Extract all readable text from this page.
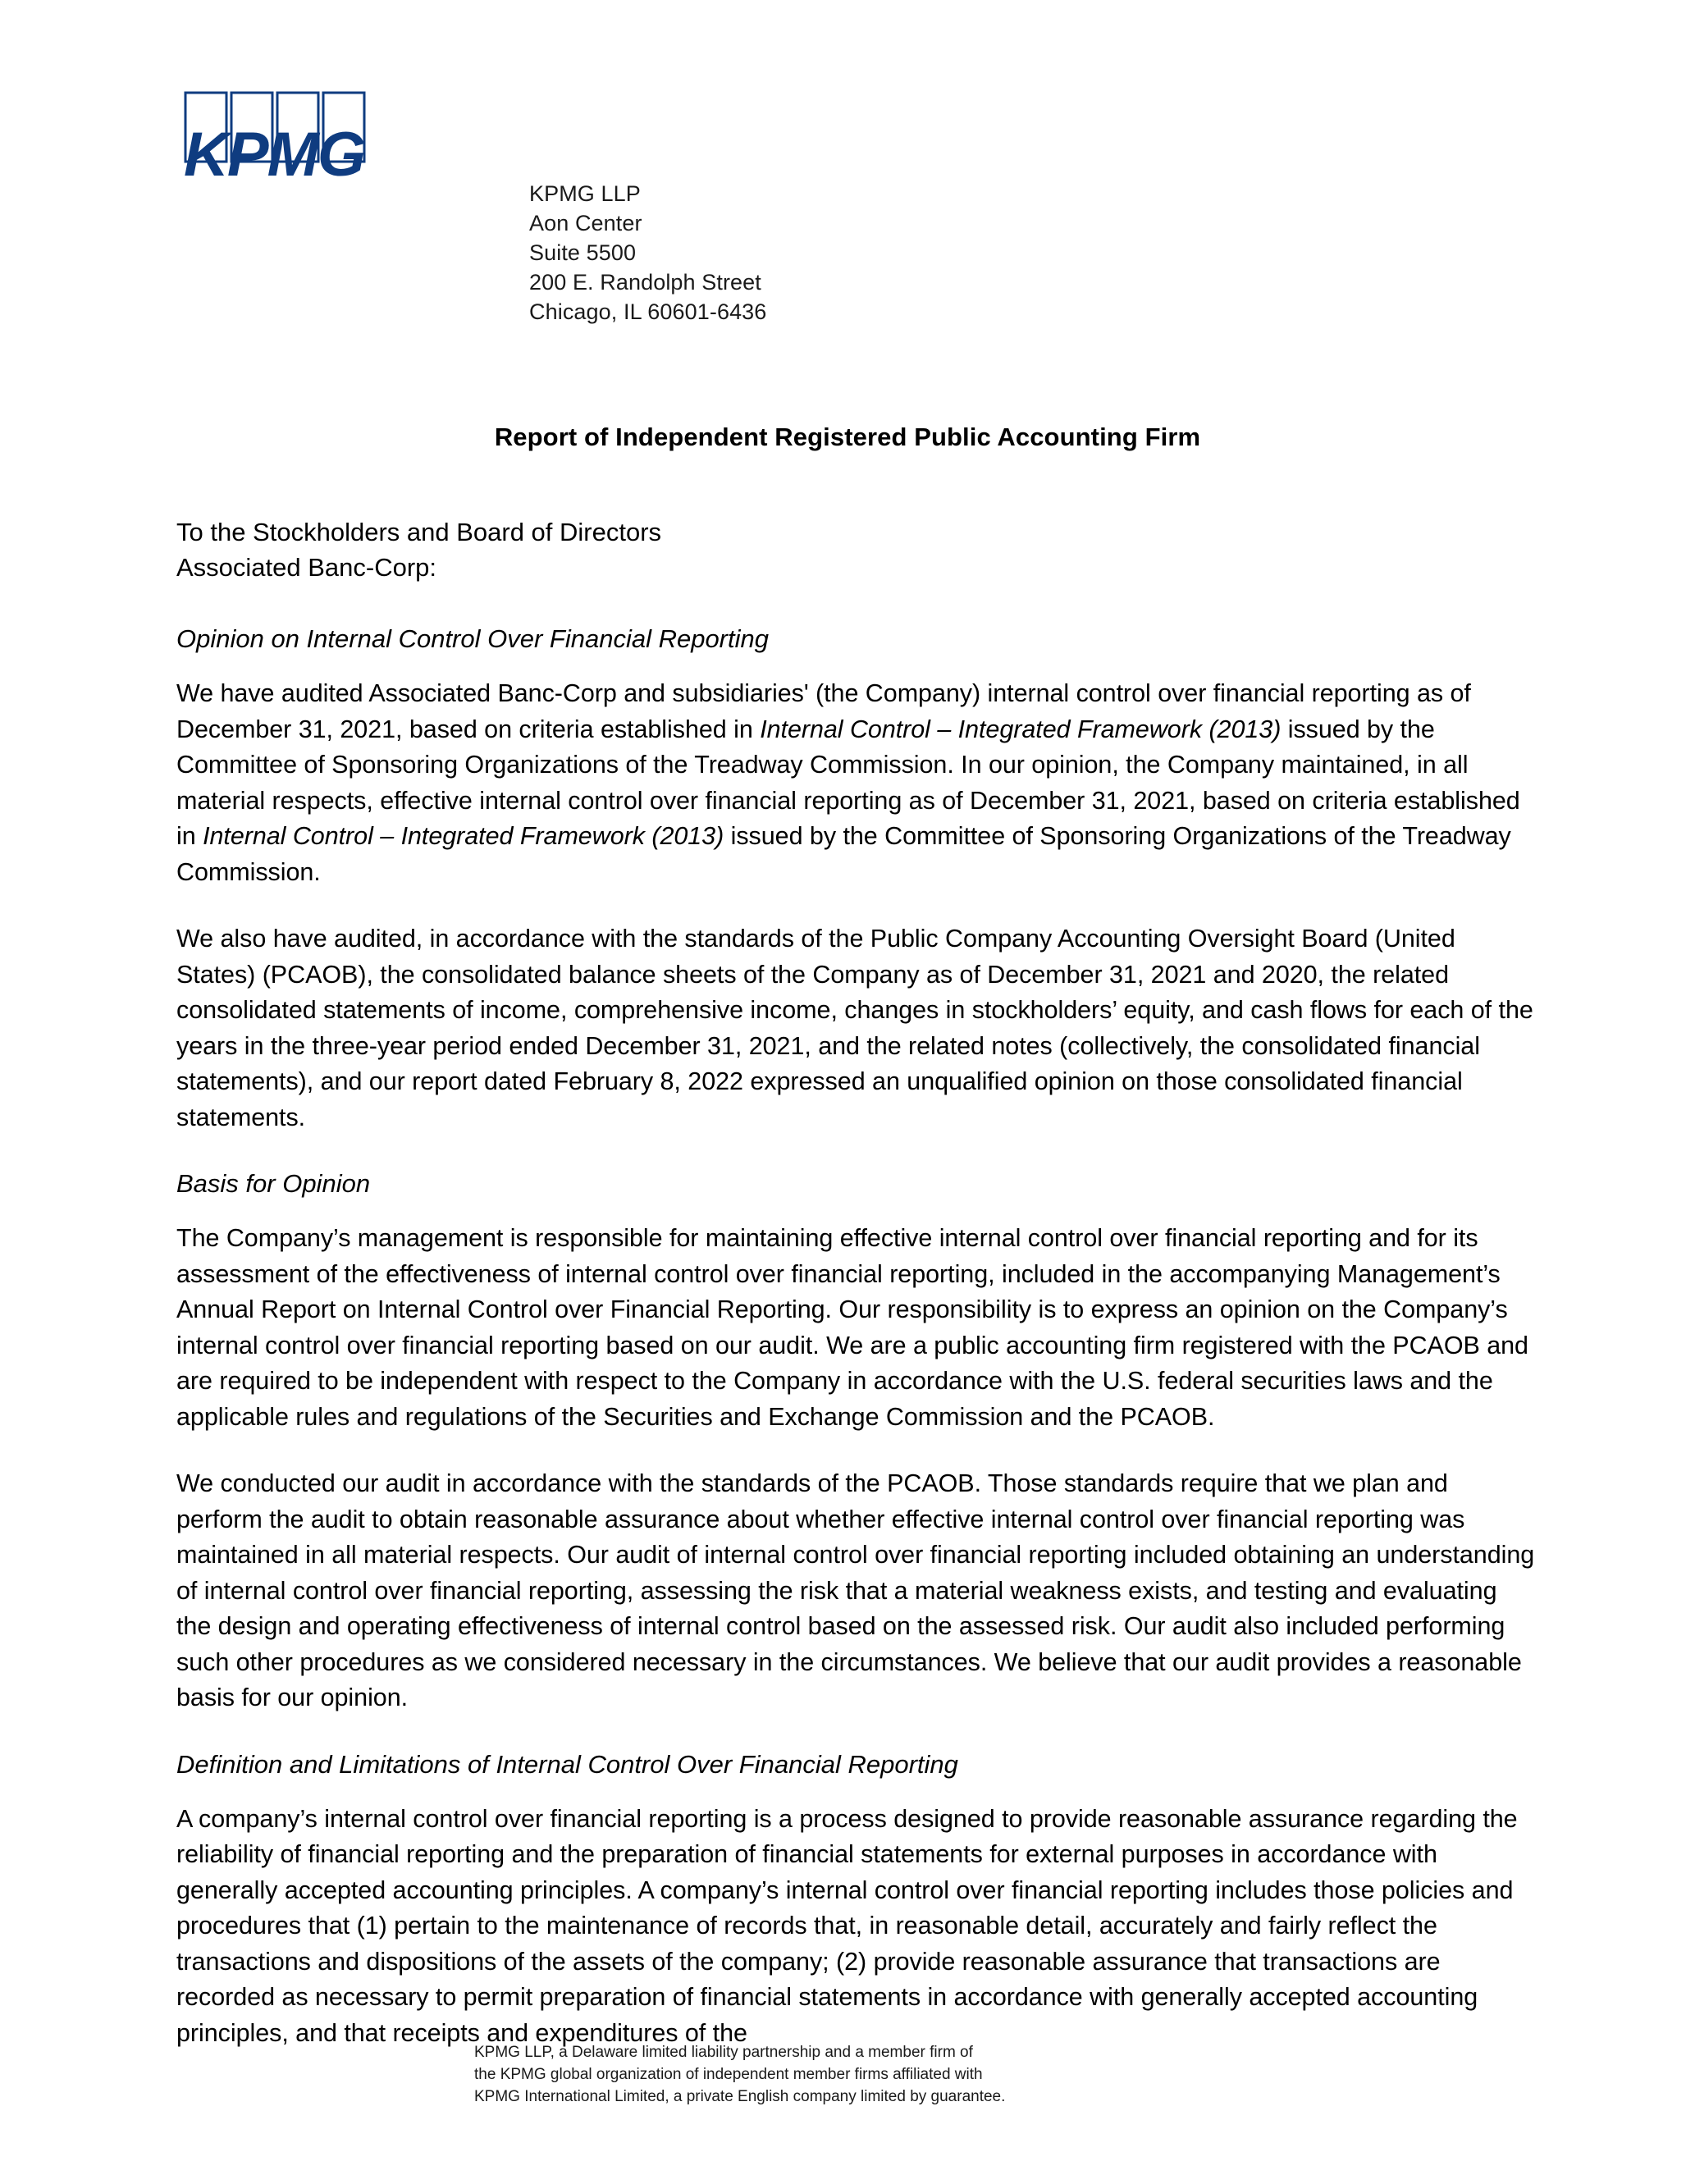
KPMG
KPMG LLP
Aon Center
Suite 5500
200 E. Randolph Street
Chicago, IL 60601-6436
Report of Independent Registered Public Accounting Firm
To the Stockholders and Board of Directors
Associated Banc-Corp:
Opinion on Internal Control Over Financial Reporting

We have audited Associated Banc-Corp and subsidiaries' (the Company) internal control over financial reporting as of December 31, 2021, based on criteria established in Internal Control – Integrated Framework (2013) issued by the Committee of Sponsoring Organizations of the Treadway Commission. In our opinion, the Company maintained, in all material respects, effective internal control over financial reporting as of December 31, 2021, based on criteria established in Internal Control – Integrated Framework (2013) issued by the Committee of Sponsoring Organizations of the Treadway Commission.

We also have audited, in accordance with the standards of the Public Company Accounting Oversight Board (United States) (PCAOB), the consolidated balance sheets of the Company as of December 31, 2021 and 2020, the related consolidated statements of income, comprehensive income, changes in stockholders’ equity, and cash flows for each of the years in the three-year period ended December 31, 2021, and the related notes (collectively, the consolidated financial statements), and our report dated February 8, 2022 expressed an unqualified opinion on those consolidated financial statements.

Basis for Opinion

The Company’s management is responsible for maintaining effective internal control over financial reporting and for its assessment of the effectiveness of internal control over financial reporting, included in the accompanying Management’s Annual Report on Internal Control over Financial Reporting. Our responsibility is to express an opinion on the Company’s internal control over financial reporting based on our audit. We are a public accounting firm registered with the PCAOB and are required to be independent with respect to the Company in accordance with the U.S. federal securities laws and the applicable rules and regulations of the Securities and Exchange Commission and the PCAOB.

We conducted our audit in accordance with the standards of the PCAOB. Those standards require that we plan and perform the audit to obtain reasonable assurance about whether effective internal control over financial reporting was maintained in all material respects. Our audit of internal control over financial reporting included obtaining an understanding of internal control over financial reporting, assessing the risk that a material weakness exists, and testing and evaluating the design and operating effectiveness of internal control based on the assessed risk. Our audit also included performing such other procedures as we considered necessary in the circumstances. We believe that our audit provides a reasonable basis for our opinion.

Definition and Limitations of Internal Control Over Financial Reporting

A company’s internal control over financial reporting is a process designed to provide reasonable assurance regarding the reliability of financial reporting and the preparation of financial statements for external purposes in accordance with generally accepted accounting principles. A company’s internal control over financial reporting includes those policies and procedures that (1) pertain to the maintenance of records that, in reasonable detail, accurately and fairly reflect the transactions and dispositions of the assets of the company; (2) provide reasonable assurance that transactions are recorded as necessary to permit preparation of financial statements in accordance with generally accepted accounting principles, and that receipts and expenditures of the

KPMG LLP, a Delaware limited liability partnership and a member firm of
the KPMG global organization of independent member firms affiliated with
KPMG International Limited, a private English company limited by guarantee.
